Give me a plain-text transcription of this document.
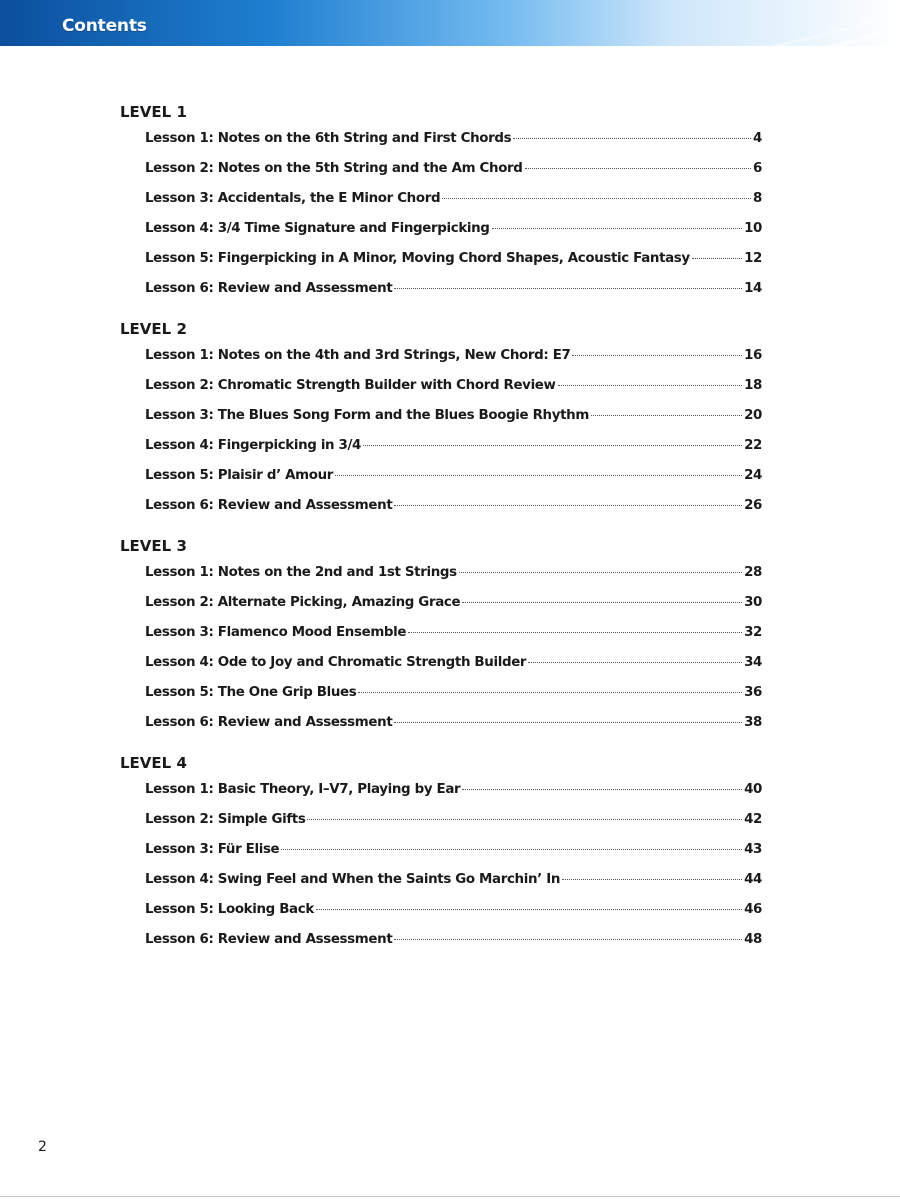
Contents
LEVEL 1
Lesson 1: Notes on the 6th String and First Chords	4
Lesson 2: Notes on the 5th String and the Am Chord	6
Lesson 3: Accidentals, the E Minor Chord	8
Lesson 4: 3/4 Time Signature and Fingerpicking	10
Lesson 5: Fingerpicking in A Minor, Moving Chord Shapes, Acoustic Fantasy	12
Lesson 6: Review and Assessment	14
LEVEL 2
Lesson 1: Notes on the 4th and 3rd Strings, New Chord: E7	16
Lesson 2: Chromatic Strength Builder with Chord Review	18
Lesson 3: The Blues Song Form and the Blues Boogie Rhythm	20
Lesson 4: Fingerpicking in 3/4	22
Lesson 5: Plaisir d’ Amour	24
Lesson 6: Review and Assessment	26
LEVEL 3
Lesson 1: Notes on the 2nd and 1st Strings	28
Lesson 2: Alternate Picking, Amazing Grace	30
Lesson 3: Flamenco Mood Ensemble	32
Lesson 4: Ode to Joy and Chromatic Strength Builder	34
Lesson 5: The One Grip Blues	36
Lesson 6: Review and Assessment	38
LEVEL 4
Lesson 1: Basic Theory, I–V7, Playing by Ear	40
Lesson 2: Simple Gifts	42
Lesson 3: Für Elise	43
Lesson 4: Swing Feel and When the Saints Go Marchin’ In	44
Lesson 5: Looking Back	46
Lesson 6: Review and Assessment	48
2
